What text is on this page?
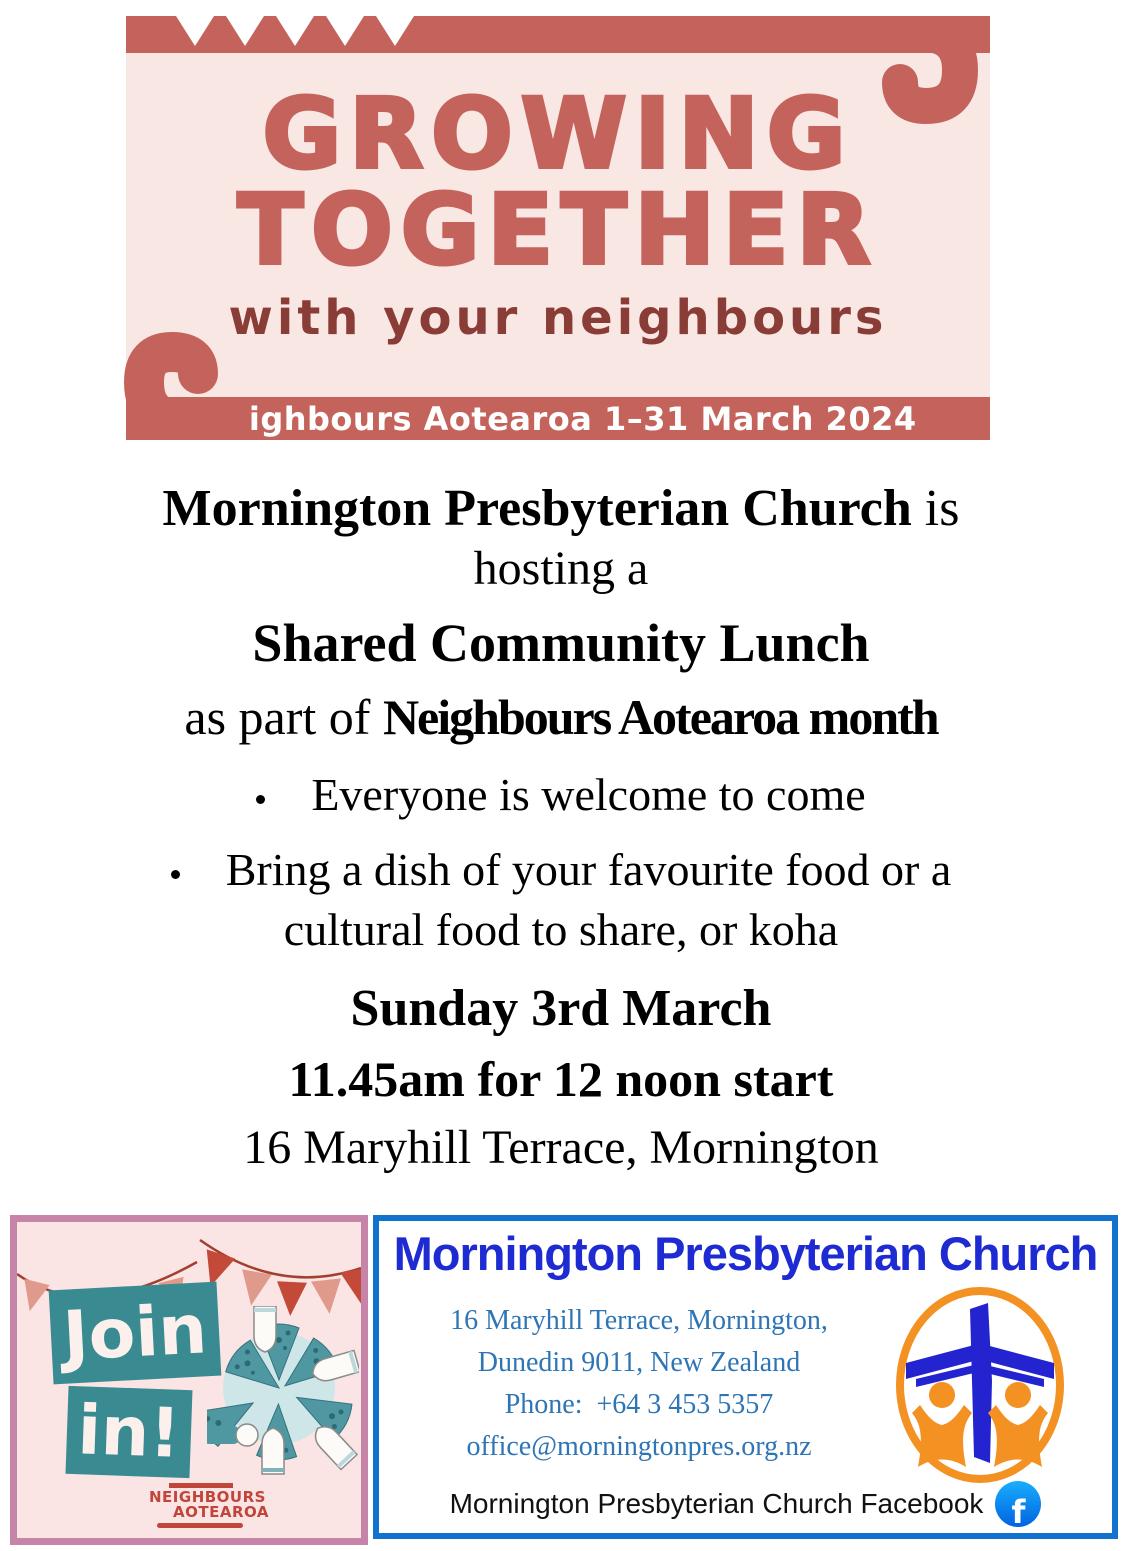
GROWING
TOGETHER
with your neighbours
Neighbours Aotearoa 1–31 March 2024
Mornington Presbyterian Church is
hosting a
Shared Community Lunch
as part of Neighbours Aotearoa month
Everyone is welcome to come
Bring a dish of your favourite food or a
cultural food to share, or koha
Sunday 3rd March
11.45am for 12 noon start
16 Maryhill Terrace, Mornington
Join
in!
NEIGHBOURS
AOTEAROA
Mornington Presbyterian Church
16 Maryhill Terrace, Mornington,
Dunedin 9011, New Zealand
Phone:  +64 3 453 5357
office@morningtonpres.org.nz
Mornington Presbyterian Church Facebook f
